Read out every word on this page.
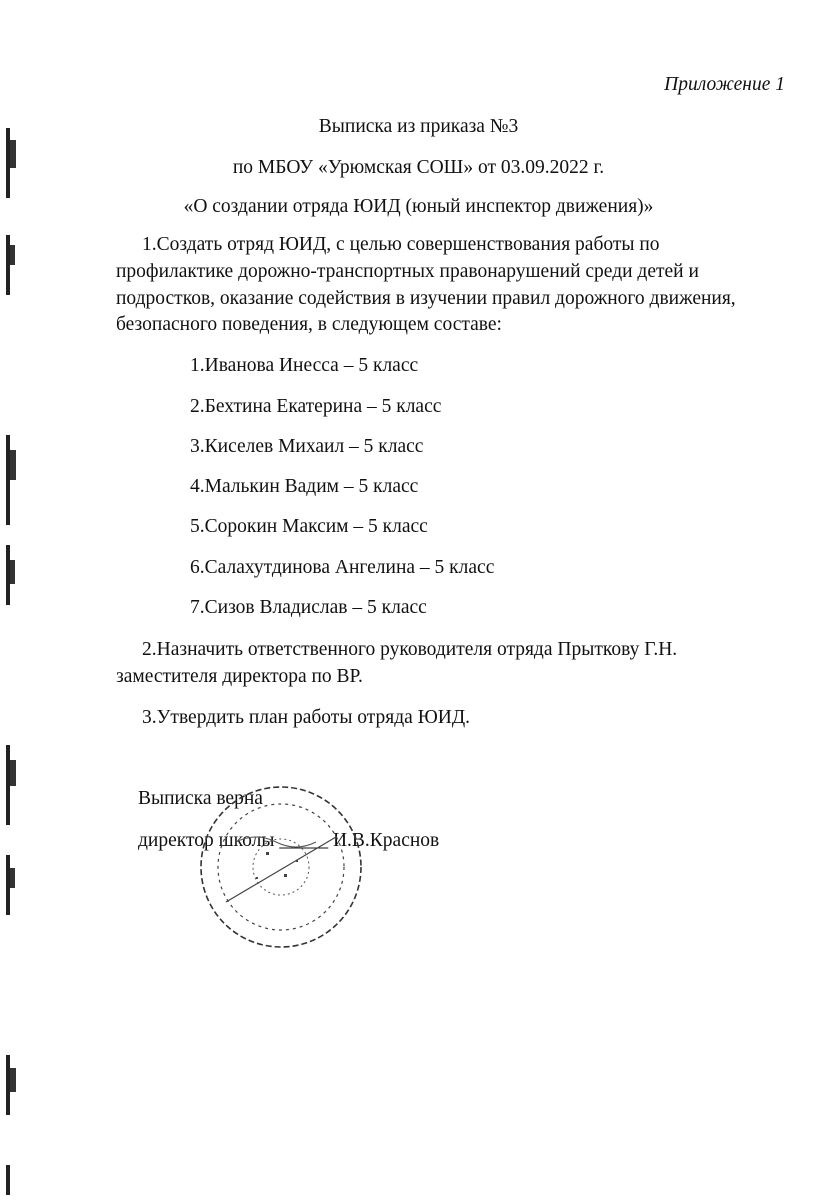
Приложение 1
Выписка из приказа №3
по МБОУ «Урюмская СОШ» от 03.09.2022 г.
«О создании отряда ЮИД (юный инспектор движения)»
1.Создать отряд ЮИД, с целью совершенствования работы по профилактике дорожно-транспортных правонарушений среди детей и подростков, оказание содействия в изучении правил дорожного движения, безопасного поведения, в следующем составе:
1.Иванова Инесса – 5 класс
2.Бехтина Екатерина – 5 класс
3.Киселев Михаил – 5 класс
4.Малькин Вадим – 5 класс
5.Сорокин Максим – 5 класс
6.Салахутдинова Ангелина – 5 класс
7.Сизов Владислав – 5 класс
2.Назначить ответственного руководителя отряда Прыткову Г.Н. заместителя директора по ВР.
3.Утвердить план работы отряда ЮИД.
Выписка верна
директор школы _____ И.В.Краснов
